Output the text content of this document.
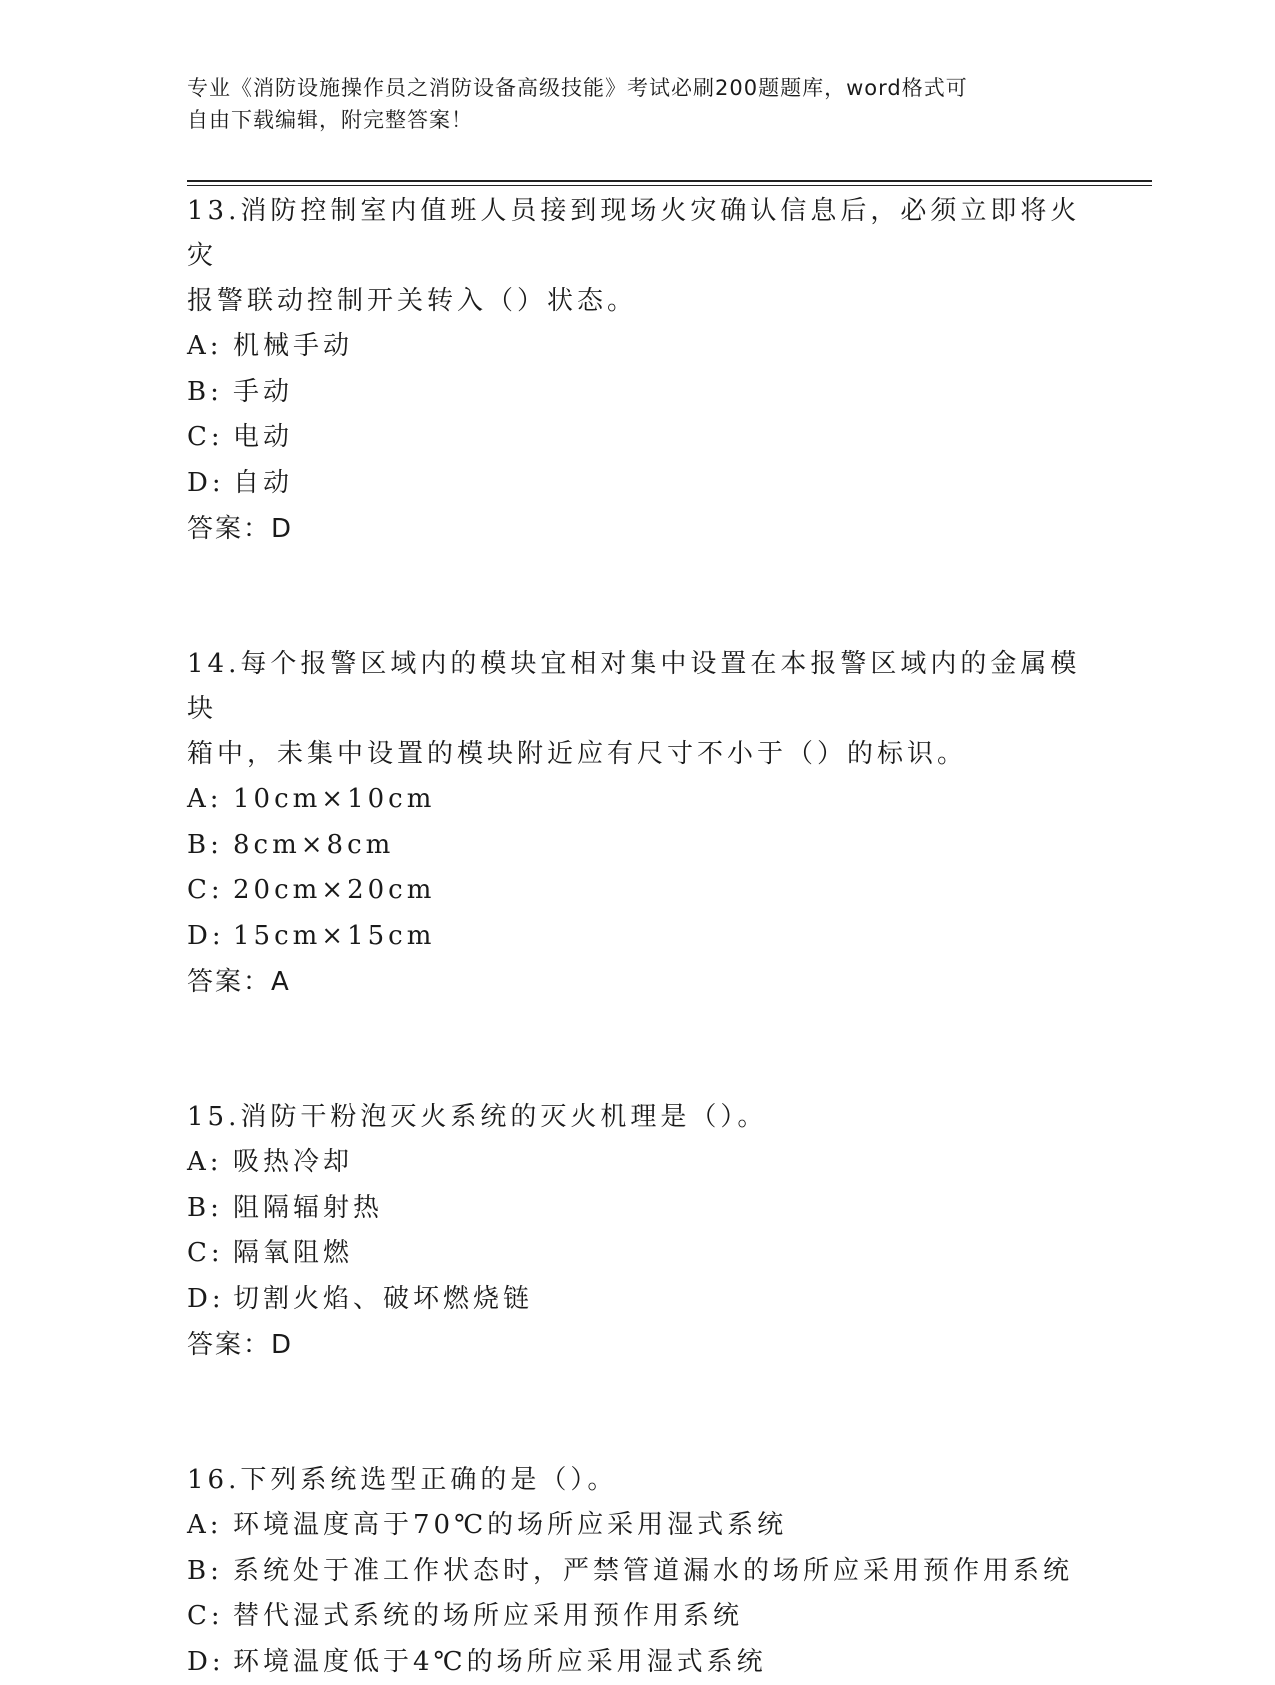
专业《消防设施操作员之消防设备高级技能》考试必刷200题题库，word格式可
自由下载编辑，附完整答案！
13.消防控制室内值班人员接到现场火灾确认信息后，必须立即将火灾
报警联动控制开关转入（）状态。
A: 机械手动
B: 手动
C: 电动
D: 自动
答案：D
14.每个报警区域内的模块宜相对集中设置在本报警区域内的金属模块
箱中，未集中设置的模块附近应有尺寸不小于（）的标识。
A: 10cm×10cm
B: 8cm×8cm
C: 20cm×20cm
D: 15cm×15cm
答案：A
15.消防干粉泡灭火系统的灭火机理是（）。
A: 吸热冷却
B: 阻隔辐射热
C: 隔氧阻燃
D: 切割火焰、破坏燃烧链
答案：D
16.下列系统选型正确的是（）。
A: 环境温度高于70℃的场所应采用湿式系统
B: 系统处于准工作状态时，严禁管道漏水的场所应采用预作用系统
C: 替代湿式系统的场所应采用预作用系统
D: 环境温度低于4℃的场所应采用湿式系统
